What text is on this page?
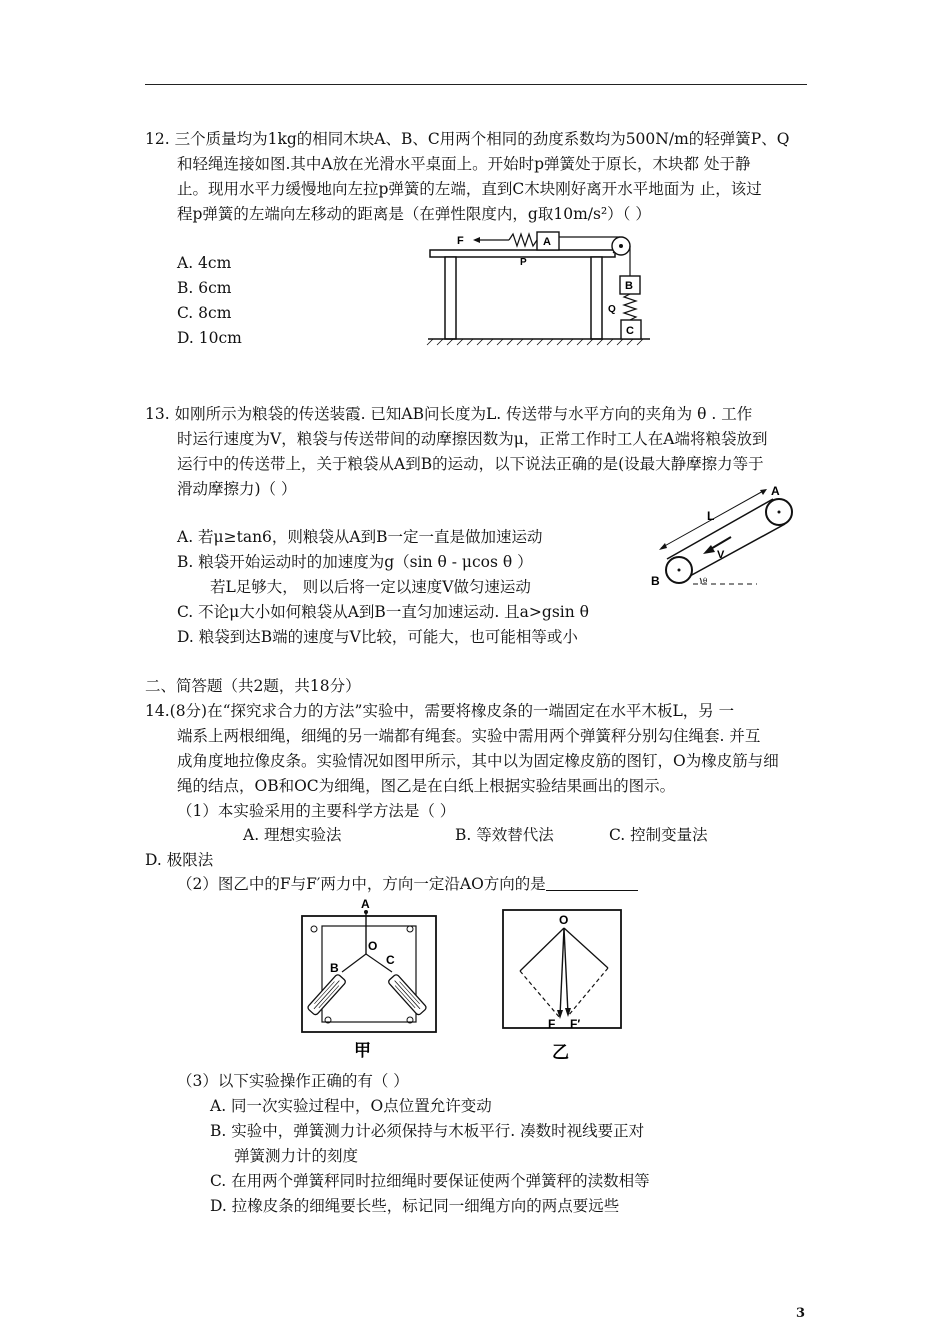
12. 三个质量均为1kg的相同木块A、B、C用两个相同的劲度系数均为500N/m的轻弹簧P、Q
和轻绳连接如图.其中A放在光滑水平桌面上。开始时p弹簧处于原长，木块都 处于静
止。现用水平力缓慢地向左拉p弹簧的左端，直到C木块刚好离开水平地面为 止，该过
程p弹簧的左端向左移动的距离是（在弹性限度内，g取10m/s²）（ ）
A. 4cm
B. 6cm
C. 8cm
D. 10cm
F
P
A
B
Q
C
13. 如刚所示为粮袋的传送装霞. 已知AB问长度为L. 传送带与水平方向的夹角为 θ . 工作
时运行速度为V，粮袋与传送带间的动摩擦因数为μ，正常工作时工人在A端将粮袋放到
运行中的传送带上，关于粮袋从A到B的运动，以下说法正确的是(设最大静摩擦力等于
滑动摩擦力)（ ）
A. 若μ≥tan6，则粮袋从A到B一定一直是做加速运动
B. 粮袋开始运动时的加速度为g（sin θ - μcos θ ）
若L足够大， 则以后将一定以速度V做匀速运动
C. 不论μ大小如何粮袋从A到B一直匀加速运动. 且a>gsin θ
D. 粮袋到达B端的速度与V比较，可能大，也可能相等或小
L
A
V
B	θ
二、简答题（共2题，共18分）
14.(8分)在“探究求合力的方法”实验中，需要将橡皮条的一端固定在水平木板L，另 一
端系上两根细绳，细绳的另一端都有绳套。实验中需用两个弹簧秤分别勾住绳套. 并互
成角度地拉像皮条。实验情况如图甲所示，其中以为固定橡皮筋的图钉，O为橡皮筋与细
绳的结点，OB和OC为细绳，图乙是在白纸上根据实验结果画出的图示。
（1）本实验采用的主要科学方法是（ ）
A. 理想实验法	B. 等效替代法	C. 控制变量法
D. 极限法
（2）图乙中的F与F′两力中，方向一定沿AO方向的是
A
O
B
C
甲
O
F F′
乙
（3）以下实验操作正确的有（ ）
A. 同一次实验过程中，O点位置允许变动
B. 实验中，弹簧测力计必须保持与木板平行. 凑数时视线要正对
弹簧测力计的刻度
C. 在用两个弹簧秤同时拉细绳时要保证使两个弹簧秤的渎数相等
D. 拉橡皮条的细绳要长些，标记同一细绳方向的两点要远些
3
